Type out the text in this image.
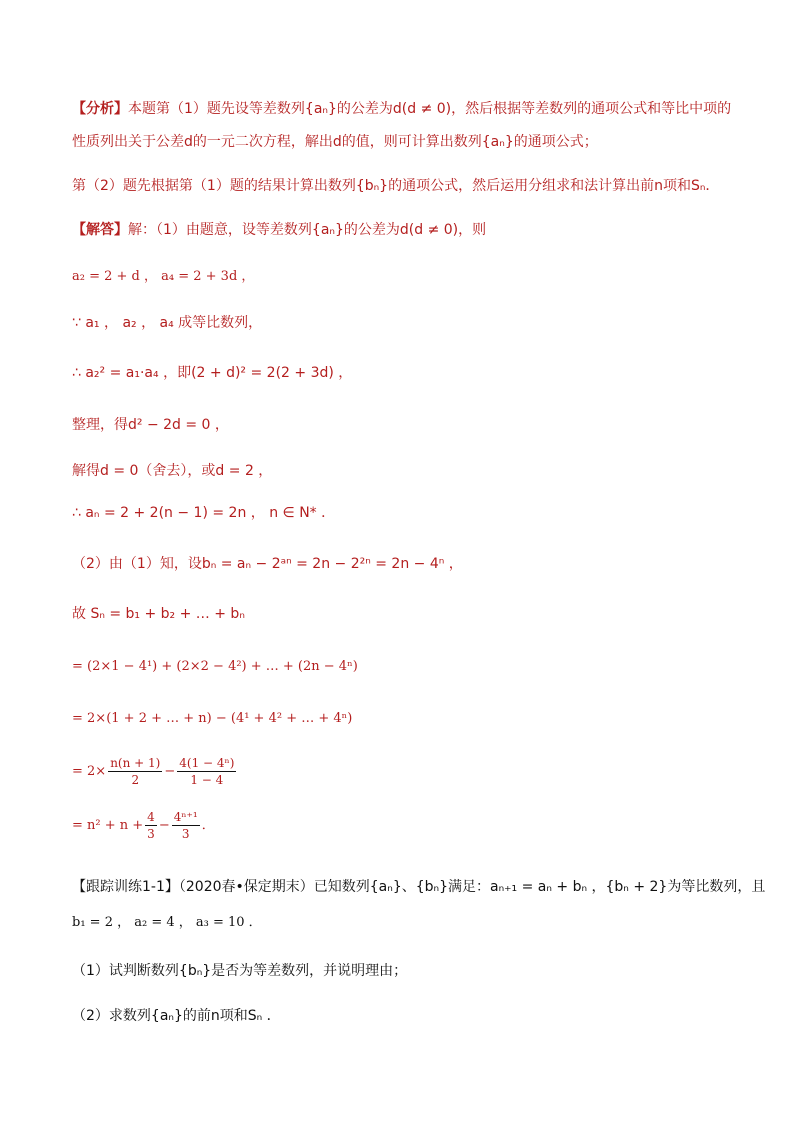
【分析】本题第（1）题先设等差数列{aₙ}的公差为d(d ≠ 0)，然后根据等差数列的通项公式和等比中项的
性质列出关于公差d的一元二次方程，解出d的值，则可计算出数列{aₙ}的通项公式；
第（2）题先根据第（1）题的结果计算出数列{bₙ}的通项公式，然后运用分组求和法计算出前n项和Sₙ．
【解答】解：（1）由题意，设等差数列{aₙ}的公差为d(d ≠ 0)，则
a₂ = 2 + d ， a₄ = 2 + 3d ，
∵ a₁ ， a₂ ， a₄ 成等比数列，
∴ a₂² = a₁·a₄ ，即(2 + d)² = 2(2 + 3d) ，
整理，得d² − 2d = 0 ，
解得d = 0（舍去），或d = 2 ，
∴ aₙ = 2 + 2(n − 1) = 2n ， n ∈ N* ．
（2）由（1）知，设bₙ = aₙ − 2ᵃⁿ = 2n − 2²ⁿ = 2n − 4ⁿ ，
故 Sₙ = b₁ + b₂ + … + bₙ
= (2×1 − 4¹) + (2×2 − 4²) + … + (2n − 4ⁿ)
= 2×(1 + 2 + … + n) − (4¹ + 4² + … + 4ⁿ)
= $2\times \frac{n(n + 1)}{2} - \frac{\text{4(1 − 4ⁿ)}}{1 - 4}$
= $n^2 + n + \frac{4}{3} - \frac{\text{4ⁿ⁺¹}}{3}$ ．
【跟踪训练1-1】（2020春•保定期末）已知数列{aₙ}、{bₙ}满足：aₙ₊₁ = aₙ + bₙ ，{bₙ + 2}为等比数列，且
b₁ = 2 ， a₂ = 4 ， a₃ = 10 ．
（1）试判断数列{bₙ}是否为等差数列，并说明理由；
（2）求数列{aₙ}的前n项和Sₙ ．
